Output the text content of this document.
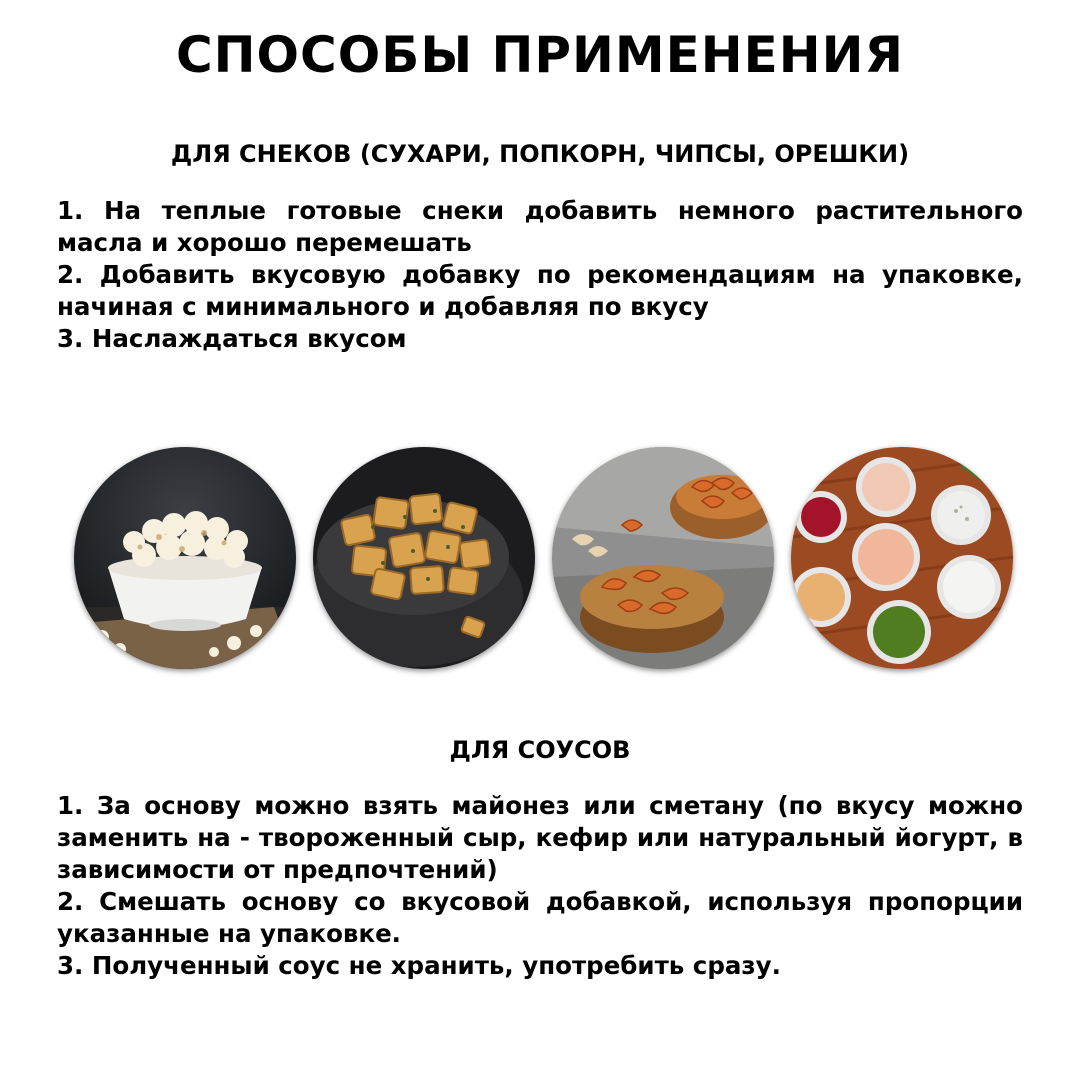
СПОСОБЫ ПРИМЕНЕНИЯ
ДЛЯ СНЕКОВ (СУХАРИ, ПОПКОРН, ЧИПСЫ, ОРЕШКИ)

1. На теплые готовые снеки добавить немного растительного масла и хорошо перемешать

2. Добавить вкусовую добавку по рекомендациям на упаковке, начиная с минимального и добавляя по вкусу

3. Наслаждаться вкусом

ДЛЯ СОУСОВ

1. За основу можно взять майонез или сметану (по вкусу можно заменить на - твороженный сыр, кефир или натуральный йогурт, в зависимости от предпочтений)

2. Смешать основу со вкусовой добавкой, используя пропорции указанные на упаковке.

3. Полученный соус не хранить, употребить сразу.
